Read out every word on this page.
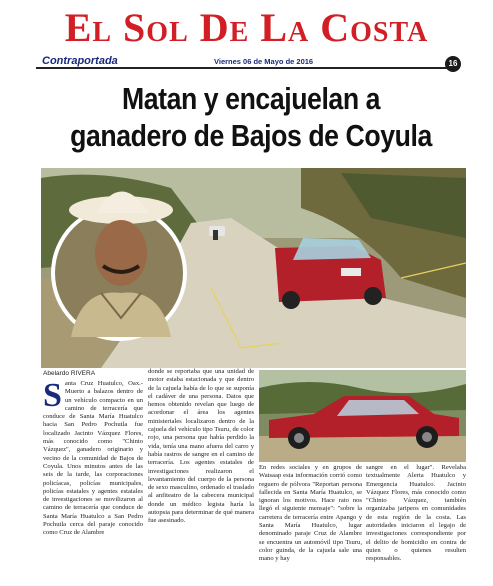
El Sol De La Costa
Contraportada	Viernes 06 de Mayo de 2016	16
Matan y encajuelan a
ganadero de Bajos de Coyula
Abelardo RIVERA
Santa Cruz Huatulco, Oax.- Muerto a balazos dentro de un vehículo compacto en un camino de terracería que conduce de Santa María Huatulco hacia San Pedro Pochutla fue localizado Jacinto Vázquez Flores, más conocido como "Chinto Vázquez", ganadero originario y vecino de la comunidad de Bajos de Coyula. Unos minutos antes de las seis de la tarde, las corporaciones policíacas, policías municipales, policías estatales y agentes estatales de investigaciones se movilizaron al camino de terracería que conduce de Santa María Huatulco a San Pedro Pochutla cerca del paraje conocido como Cruz de Alambre
donde se reportaba que una unidad de motor estaba estacionada y que dentro de la cajuela había de lo que se suponía el cadáver de una persona. Datos que hemos obtenido revelan que luego de acordonar el área los agentes ministeriales localizaron dentro de la cajuela del vehículo tipo Tsuru, de color rojo, una persona que había perdido la vida, tenía una mano afuera del carro y había rastros de sangre en el camino de terracería. Los agentes estatales de investigaciones realizaron el levantamiento del cuerpo de la persona de sexo masculino, ordenado el traslado al anfiteatro de la cabecera municipal donde un médico legista haría la autopsia para determinar de qué manera fue asesinado.
En redes sociales y en grupos de Watsaap esta información corrió como reguero de pólvora "Reportan persona fallecida en Santa María Huatulco, se ignoran los motivos. Hace rato nos llegó el siguiente mensaje": "sobre la carretera de terracería entre Apango y Santa María Huatulco, lugar denominado paraje Cruz de Alambre se encuentra un automóvil tipo Tsuru, color guinda, de la cajuela sale una mano y hay
sangre en el lugar". Revelaba textualmente Alerta Huatulco y Emergencia Huatulco. Jacinto Vázquez Flores, más conocido como "Chinto Vázquez, también organizaba jaripeos en comunidades de esta región de la costa. Las autoridades iniciaron el legajo de investigaciones correspondiente por el delito de homicidio en contra de quien o quienes resulten responsables.
